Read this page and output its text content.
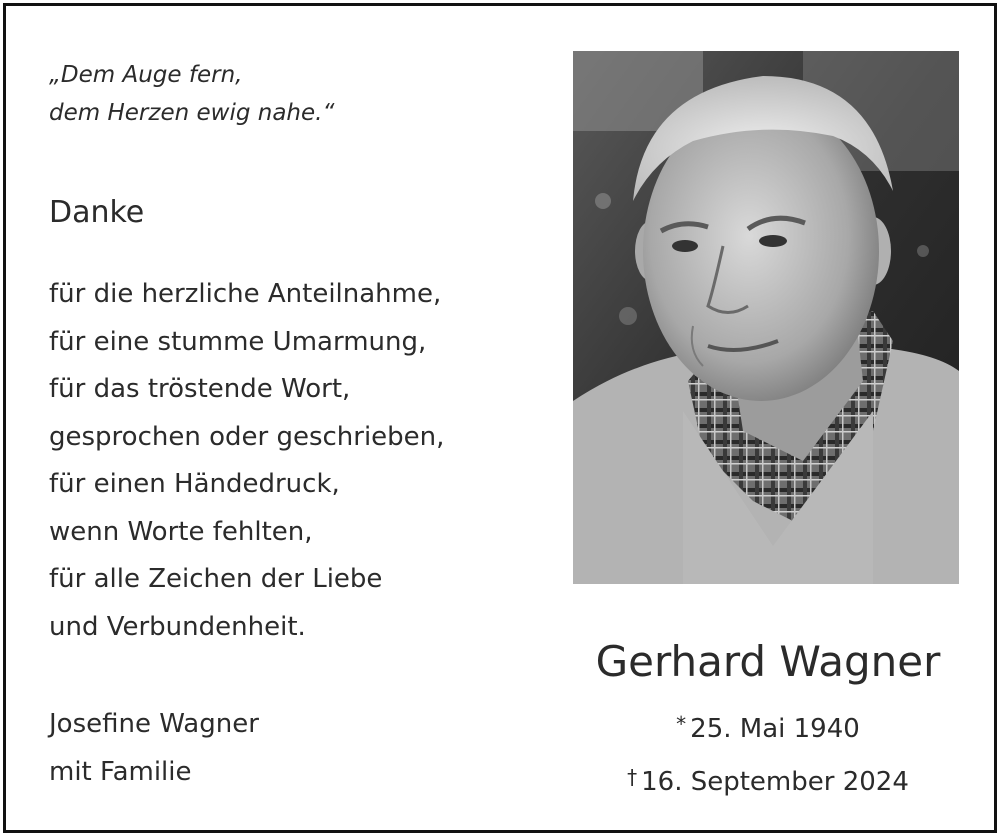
„Dem Auge fern,
dem Herzen ewig nahe.“
Danke
für die herzliche Anteilnahme,
für eine stumme Umarmung,
für das tröstende Wort,
gesprochen oder geschrieben,
für einen Händedruck,
wenn Worte fehlten,
für alle Zeichen der Liebe
und Verbundenheit.
Josefine Wagner
mit Familie
Gerhard Wagner
* 25. Mai 1940
† 16. September 2024
